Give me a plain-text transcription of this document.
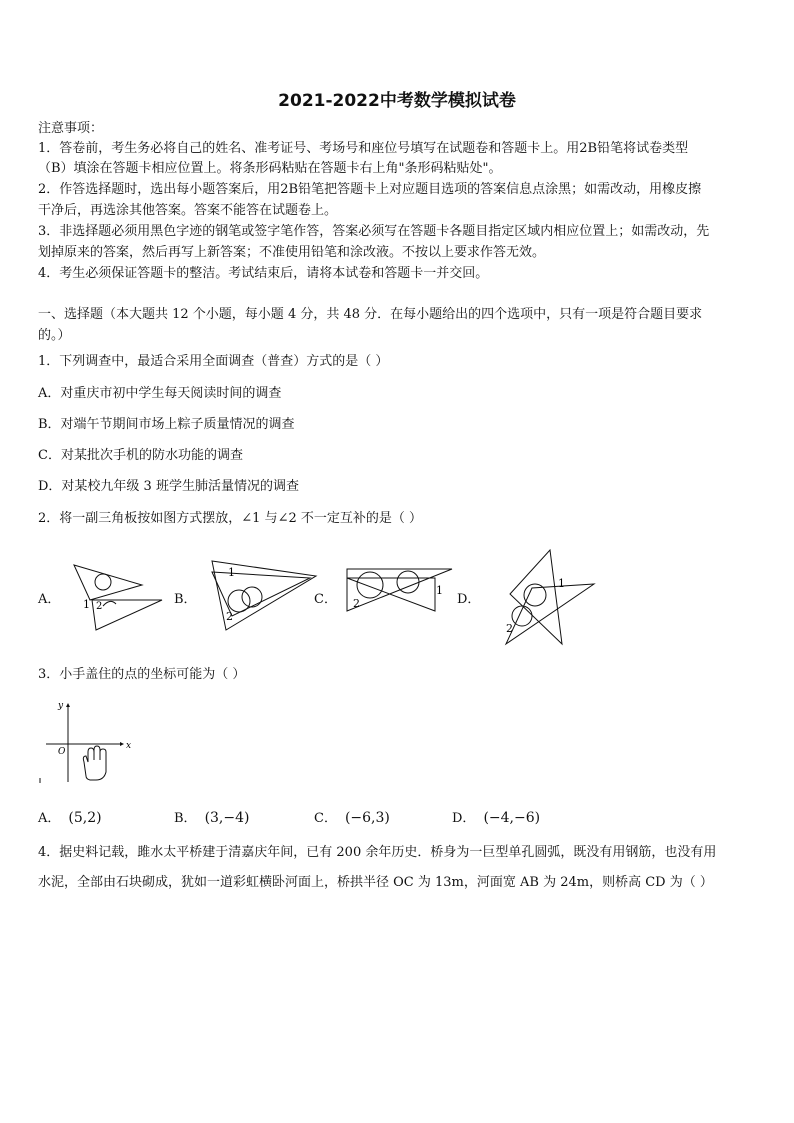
2021-2022中考数学模拟试卷
注意事项：
1．答卷前，考生务必将自己的姓名、准考证号、考场号和座位号填写在试题卷和答题卡上。用2B铅笔将试卷类型
（B）填涂在答题卡相应位置上。将条形码粘贴在答题卡右上角"条形码粘贴处"。
2．作答选择题时，选出每小题答案后，用2B铅笔把答题卡上对应题目选项的答案信息点涂黑；如需改动，用橡皮擦
干净后，再选涂其他答案。答案不能答在试题卷上。
3．非选择题必须用黑色字迹的钢笔或签字笔作答，答案必须写在答题卡各题目指定区域内相应位置上；如需改动，先
划掉原来的答案，然后再写上新答案；不准使用铅笔和涂改液。不按以上要求作答无效。
4．考生必须保证答题卡的整洁。考试结束后，请将本试卷和答题卡一并交回。
一、选择题（本大题共 12 个小题，每小题 4 分，共 48 分．在每小题给出的四个选项中，只有一项是符合题目要求
的。）
1．下列调查中，最适合采用全面调查（普查）方式的是（ ）
A．对重庆市初中学生每天阅读时间的调查
B．对端午节期间市场上粽子质量情况的调查
C．对某批次手机的防水功能的调查
D．对某校九年级 3 班学生肺活量情况的调查
2．将一副三角板按如图方式摆放，∠1 与∠2 不一定互补的是（ ）
A．	B．	C．	D．
1 2
1
2
1
2
1
2
3．小手盖住的点的坐标可能为（ ）
x
y
O
A． (5,2)	B． (3,−4)	C． (−6,3)	D． (−4,−6)
4．据史料记载，雎水太平桥建于清嘉庆年间，已有 200 余年历史．桥身为一巨型单孔圆弧，既没有用钢筋，也没有用
水泥，全部由石块砌成，犹如一道彩虹横卧河面上，桥拱半径 OC 为 13m，河面宽 AB 为 24m，则桥高 CD 为（ ）
